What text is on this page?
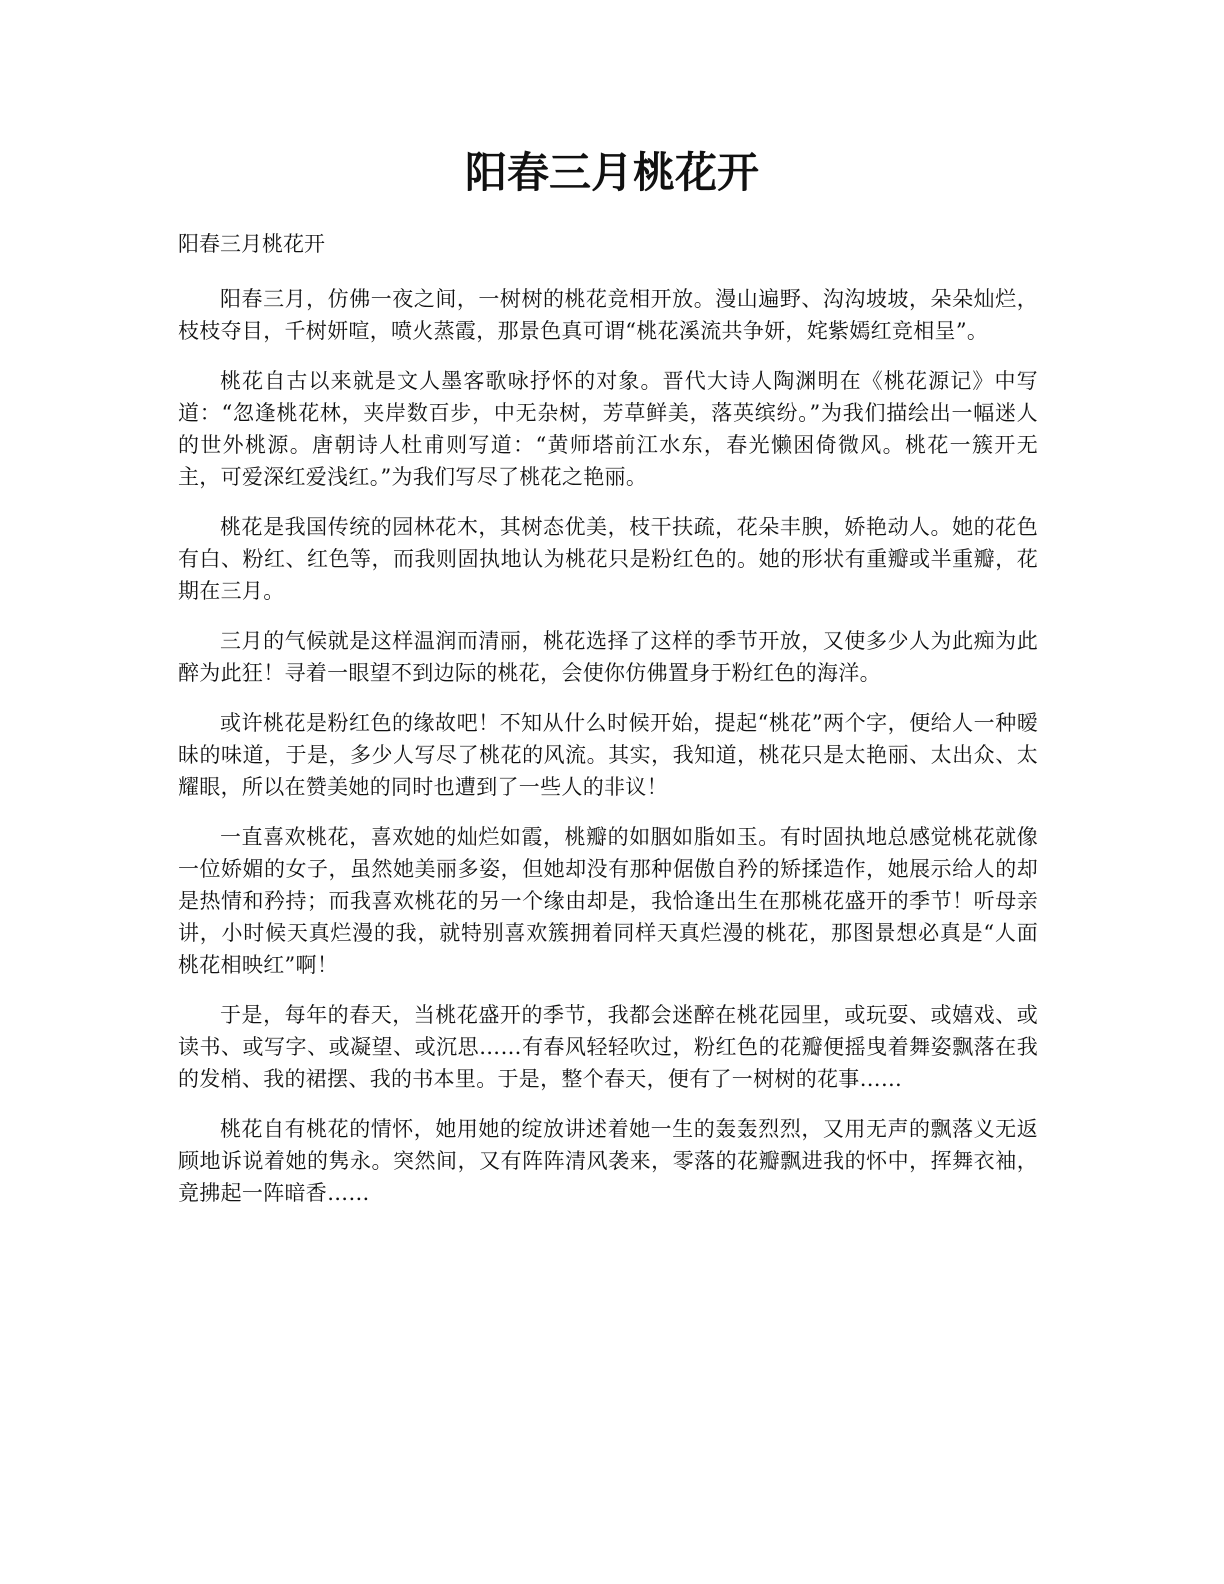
阳春三月桃花开

阳春三月桃花开

阳春三月，仿佛一夜之间，一树树的桃花竞相开放。漫山遍野、沟沟坡坡，朵朵灿烂，枝枝夺目，千树妍喧，喷火蒸霞，那景色真可谓“桃花溪流共争妍，姹紫嫣红竞相呈”。

桃花自古以来就是文人墨客歌咏抒怀的对象。晋代大诗人陶渊明在《桃花源记》中写道：“忽逢桃花林，夹岸数百步，中无杂树，芳草鲜美，落英缤纷。”为我们描绘出一幅迷人的世外桃源。唐朝诗人杜甫则写道：“黄师塔前江水东，春光懒困倚微风。桃花一簇开无主，可爱深红爱浅红。”为我们写尽了桃花之艳丽。

桃花是我国传统的园林花木，其树态优美，枝干扶疏，花朵丰腴，娇艳动人。她的花色有白、粉红、红色等，而我则固执地认为桃花只是粉红色的。她的形状有重瓣或半重瓣，花期在三月。

三月的气候就是这样温润而清丽，桃花选择了这样的季节开放，又使多少人为此痴为此醉为此狂！寻着一眼望不到边际的桃花，会使你仿佛置身于粉红色的海洋。

或许桃花是粉红色的缘故吧！不知从什么时候开始，提起“桃花”两个字，便给人一种暧昧的味道，于是，多少人写尽了桃花的风流。其实，我知道，桃花只是太艳丽、太出众、太耀眼，所以在赞美她的同时也遭到了一些人的非议！

一直喜欢桃花，喜欢她的灿烂如霞，桃瓣的如胭如脂如玉。有时固执地总感觉桃花就像一位娇媚的女子，虽然她美丽多姿，但她却没有那种倨傲自矜的矫揉造作，她展示给人的却是热情和矜持；而我喜欢桃花的另一个缘由却是，我恰逢出生在那桃花盛开的季节！听母亲讲，小时候天真烂漫的我，就特别喜欢簇拥着同样天真烂漫的桃花，那图景想必真是“人面桃花相映红”啊！

于是，每年的春天，当桃花盛开的季节，我都会迷醉在桃花园里，或玩耍、或嬉戏、或读书、或写字、或凝望、或沉思……有春风轻轻吹过，粉红色的花瓣便摇曳着舞姿飘落在我的发梢、我的裙摆、我的书本里。于是，整个春天，便有了一树树的花事……

桃花自有桃花的情怀，她用她的绽放讲述着她一生的轰轰烈烈，又用无声的飘落义无返顾地诉说着她的隽永。突然间，又有阵阵清风袭来，零落的花瓣飘进我的怀中，挥舞衣袖，竟拂起一阵暗香……
